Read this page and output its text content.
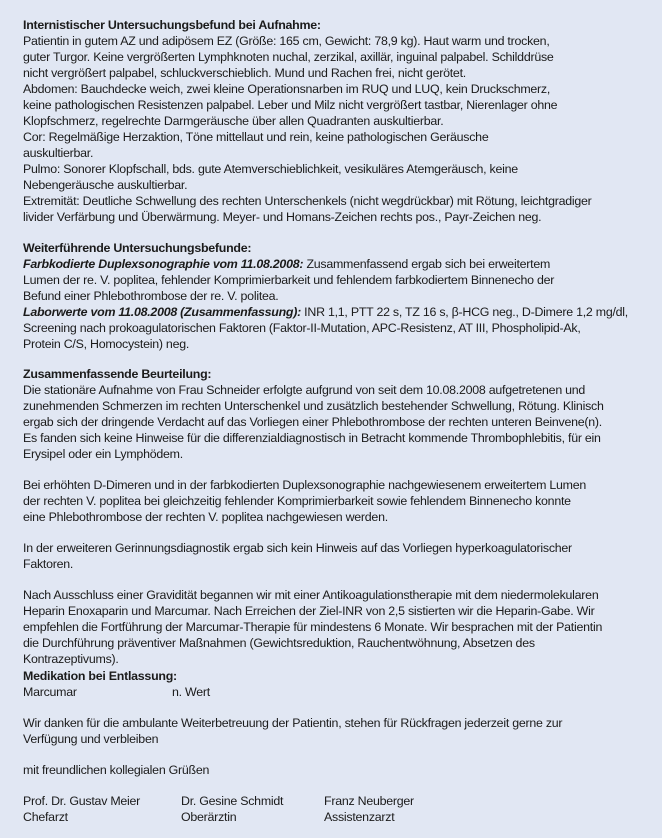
Internistischer Untersuchungsbefund bei Aufnahme:
Patientin in gutem AZ und adipösem EZ (Größe: 165 cm, Gewicht: 78,9 kg). Haut warm und trocken,
guter Turgor. Keine vergrößerten Lymphknoten nuchal, zerzikal, axillär, inguinal palpabel. Schilddrüse
nicht vergrößert palpabel, schluckverschieblich. Mund und Rachen frei, nicht gerötet.
Abdomen: Bauchdecke weich, zwei kleine Operationsnarben im RUQ und LUQ, kein Druckschmerz,
keine pathologischen Resistenzen palpabel. Leber und Milz nicht vergrößert tastbar, Nierenlager ohne
Klopfschmerz, regelrechte Darmgeräusche über allen Quadranten auskultierbar.
Cor: Regelmäßige Herzaktion, Töne mittellaut und rein, keine pathologischen Geräusche
auskultierbar.
Pulmo: Sonorer Klopfschall, bds. gute Atemverschieblichkeit, vesikuläres Atemgeräusch, keine
Nebengeräusche auskultierbar.
Extremität: Deutliche Schwellung des rechten Unterschenkels (nicht wegdrückbar) mit Rötung, leichtgradiger
livider Verfärbung und Überwärmung. Meyer- und Homans-Zeichen rechts pos., Payr-Zeichen neg.
Weiterführende Untersuchungsbefunde:
Farbkodierte Duplexsonographie vom 11.08.2008: Zusammenfassend ergab sich bei erweitertem
Lumen der re. V. poplitea, fehlender Komprimierbarkeit und fehlendem farbkodiertem Binnenecho der
Befund einer Phlebothrombose der re. V. politea.
Laborwerte vom 11.08.2008 (Zusammenfassung): INR 1,1, PTT 22 s, TZ 16 s, β-HCG neg., D-Dimere 1,2 mg/dl,
Screening nach prokoagulatorischen Faktoren (Faktor-II-Mutation, APC-Resistenz, AT III, Phospholipid-Ak,
Protein C/S, Homocystein) neg.
Zusammenfassende Beurteilung:
Die stationäre Aufnahme von Frau Schneider erfolgte aufgrund von seit dem 10.08.2008 aufgetretenen und
zunehmenden Schmerzen im rechten Unterschenkel und zusätzlich bestehender Schwellung, Rötung. Klinisch
ergab sich der dringende Verdacht auf das Vorliegen einer Phlebothrombose der rechten unteren Beinvene(n).
Es fanden sich keine Hinweise für die differenzialdiagnostisch in Betracht kommende Thrombophlebitis, für ein
Erysipel oder ein Lymphödem.
Bei erhöhten D-Dimeren und in der farbkodierten Duplexsonographie nachgewiesenem erweitertem Lumen
der rechten V. poplitea bei gleichzeitig fehlender Komprimierbarkeit sowie fehlendem Binnenecho konnte
eine Phlebothrombose der rechten V. poplitea nachgewiesen werden.
In der erweiteren Gerinnungsdiagnostik ergab sich kein Hinweis auf das Vorliegen hyperkoagulatorischer
Faktoren.
Nach Ausschluss einer Gravidität begannen wir mit einer Antikoagulationstherapie mit dem niedermolekularen
Heparin Enoxaparin und Marcumar. Nach Erreichen der Ziel-INR von 2,5 sistierten wir die Heparin-Gabe. Wir
empfehlen die Fortführung der Marcumar-Therapie für mindestens 6 Monate. Wir besprachen mit der Patientin
die Durchführung präventiver Maßnahmen (Gewichtsreduktion, Rauchentwöhnung, Absetzen des
Kontrazeptivums).
Medikation bei Entlassung:
Marcumar	n. Wert
Wir danken für die ambulante Weiterbetreuung der Patientin, stehen für Rückfragen jederzeit gerne zur
Verfügung und verbleiben
mit freundlichen kollegialen Grüßen
Prof. Dr. Gustav Meier
Chefarzt
Dr. Gesine Schmidt
Oberärztin
Franz Neuberger
Assistenzarzt
